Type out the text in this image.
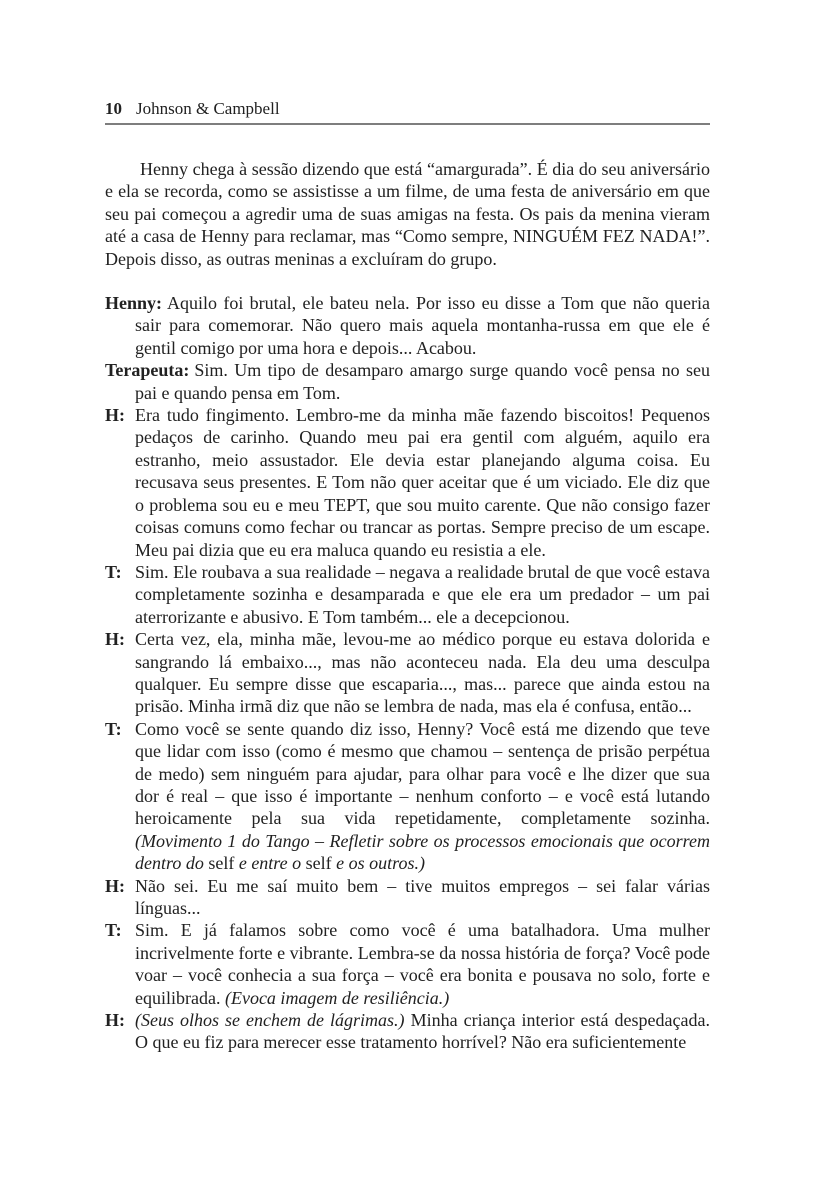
10 Johnson & Campbell

Henny chega à sessão dizendo que está “amargurada”. É dia do seu aniversário e ela se recorda, como se assistisse a um filme, de uma festa de aniversário em que seu pai começou a agredir uma de suas amigas na festa. Os pais da menina vieram até a casa de Henny para reclamar, mas “Como sempre, NINGUÉM FEZ NADA!”. Depois disso, as outras meninas a excluíram do grupo.

Henny: Aquilo foi brutal, ele bateu nela. Por isso eu disse a Tom que não queria sair para comemorar. Não quero mais aquela montanha-russa em que ele é gentil comigo por uma hora e depois... Acabou.

Terapeuta: Sim. Um tipo de desamparo amargo surge quando você pensa no seu pai e quando pensa em Tom.

H: Era tudo fingimento. Lembro-me da minha mãe fazendo biscoitos! Pequenos pedaços de carinho. Quando meu pai era gentil com alguém, aquilo era estranho, meio assustador. Ele devia estar planejando alguma coisa. Eu recusava seus presentes. E Tom não quer aceitar que é um viciado. Ele diz que o problema sou eu e meu TEPT, que sou muito carente. Que não consigo fazer coisas comuns como fechar ou trancar as portas. Sempre preciso de um escape. Meu pai dizia que eu era maluca quando eu resistia a ele.

T: Sim. Ele roubava a sua realidade – negava a realidade brutal de que você estava completamente sozinha e desamparada e que ele era um predador – um pai aterrorizante e abusivo. E Tom também... ele a decepcionou.

H: Certa vez, ela, minha mãe, levou-me ao médico porque eu estava dolorida e sangrando lá embaixo..., mas não aconteceu nada. Ela deu uma desculpa qualquer. Eu sempre disse que escaparia..., mas... parece que ainda estou na prisão. Minha irmã diz que não se lembra de nada, mas ela é confusa, então...

T: Como você se sente quando diz isso, Henny? Você está me dizendo que teve que lidar com isso (como é mesmo que chamou – sentença de prisão perpétua de medo) sem ninguém para ajudar, para olhar para você e lhe dizer que sua dor é real – que isso é importante – nenhum conforto – e você está lutando heroicamente pela sua vida repetidamente, completamente sozinha. (Movimento 1 do Tango – Refletir sobre os processos emocionais que ocorrem dentro do self e entre o self e os outros.)

H: Não sei. Eu me saí muito bem – tive muitos empregos – sei falar várias línguas...

T: Sim. E já falamos sobre como você é uma batalhadora. Uma mulher incrivelmente forte e vibrante. Lembra-se da nossa história de força? Você pode voar – você conhecia a sua força – você era bonita e pousava no solo, forte e equilibrada. (Evoca imagem de resiliência.)

H: (Seus olhos se enchem de lágrimas.) Minha criança interior está despedaçada. O que eu fiz para merecer esse tratamento horrível? Não era suficientemente
